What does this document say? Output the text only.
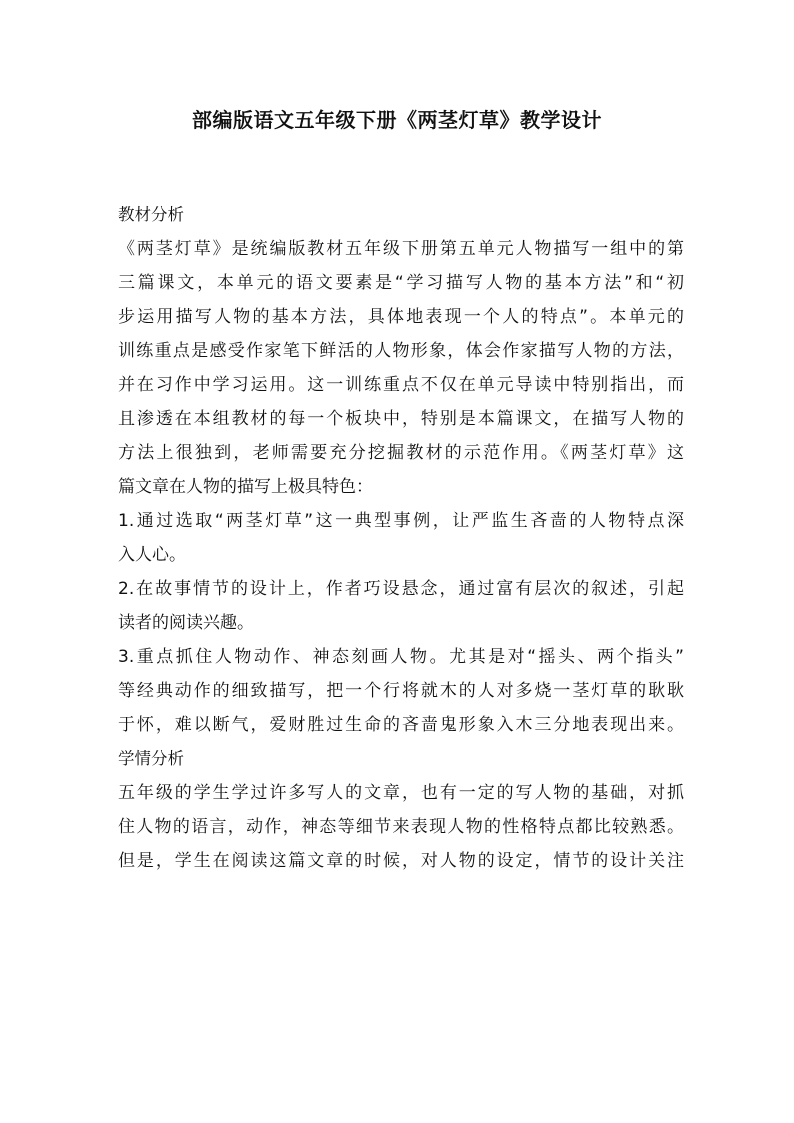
部编版语文五年级下册《两茎灯草》教学设计
教材分析
《两茎灯草》是统编版教材五年级下册第五单元人物描写一组中的第
三篇课文，本单元的语文要素是“学习描写人物的基本方法”和“初
步运用描写人物的基本方法，具体地表现一个人的特点”。本单元的
训练重点是感受作家笔下鲜活的人物形象，体会作家描写人物的方法，
并在习作中学习运用。这一训练重点不仅在单元导读中特别指出，而
且渗透在本组教材的每一个板块中，特别是本篇课文，在描写人物的
方法上很独到，老师需要充分挖掘教材的示范作用。《两茎灯草》这
篇文章在人物的描写上极具特色：
1.通过选取“两茎灯草”这一典型事例，让严监生吝啬的人物特点深
入人心。
2.在故事情节的设计上，作者巧设悬念，通过富有层次的叙述，引起
读者的阅读兴趣。
3.重点抓住人物动作、神态刻画人物。尤其是对“摇头、两个指头”
等经典动作的细致描写，把一个行将就木的人对多烧一茎灯草的耿耿
于怀，难以断气，爱财胜过生命的吝啬鬼形象入木三分地表现出来。
学情分析
五年级的学生学过许多写人的文章，也有一定的写人物的基础，对抓
住人物的语言，动作，神态等细节来表现人物的性格特点都比较熟悉。
但是，学生在阅读这篇文章的时候，对人物的设定，情节的设计关注
